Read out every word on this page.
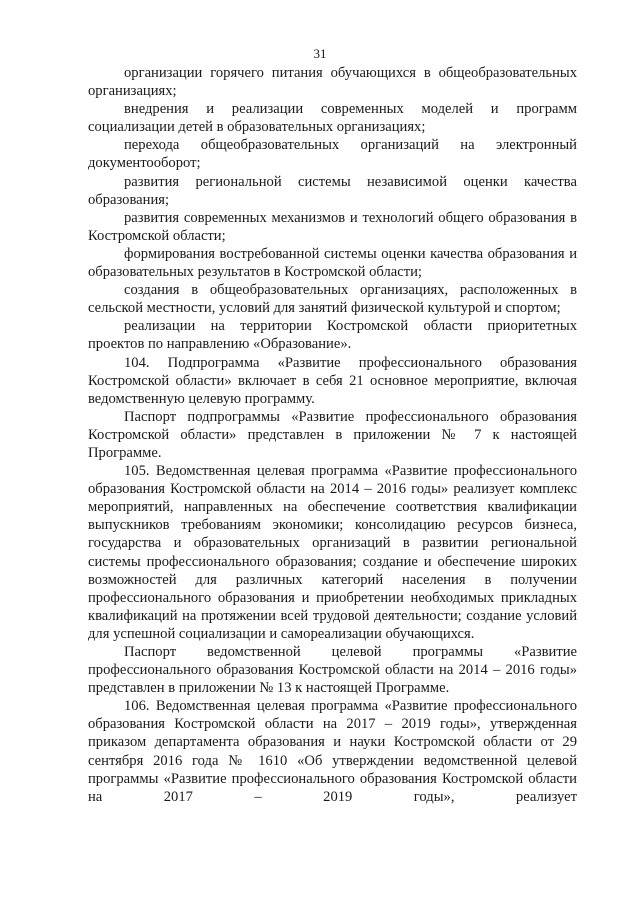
31

организации горячего питания обучающихся в общеобразовательных организациях;

внедрения и реализации современных моделей и программ социализации детей в образовательных организациях;

перехода общеобразовательных организаций на электронный документооборот;

развития региональной системы независимой оценки качества образования;

развития современных механизмов и технологий общего образования в Костромской области;

формирования востребованной системы оценки качества образования и образовательных результатов в Костромской области;

создания в общеобразовательных организациях, расположенных в сельской местности, условий для занятий физической культурой и спортом;

реализации на территории Костромской области приоритетных проектов по направлению «Образование».

104. Подпрограмма «Развитие профессионального образования Костромской области» включает в себя 21 основное мероприятие, включая ведомственную целевую программу.

Паспорт подпрограммы «Развитие профессионального образования Костромской области» представлен в приложении № 7 к настоящей Программе.

105. Ведомственная целевая программа «Развитие профессионального образования Костромской области на 2014 – 2016 годы» реализует комплекс мероприятий, направленных на обеспечение соответствия квалификации выпускников требованиям экономики; консолидацию ресурсов бизнеса, государства и образовательных организаций в развитии региональной системы профессионального образования; создание и обеспечение широких возможностей для различных категорий населения в получении профессионального образования и приобретении необходимых прикладных квалификаций на протяжении всей трудовой деятельности; создание условий для успешной социализации и самореализации обучающихся.

Паспорт ведомственной целевой программы «Развитие профессионального образования Костромской области на 2014 – 2016 годы» представлен в приложении № 13 к настоящей Программе.

106. Ведомственная целевая программа «Развитие профессионального образования Костромской области на 2017 – 2019 годы», утвержденная приказом департамента образования и науки Костромской области от 29 сентября 2016 года № 1610 «Об утверждении ведомственной целевой программы «Развитие профессионального образования Костромской области на 2017 – 2019 годы», реализует
